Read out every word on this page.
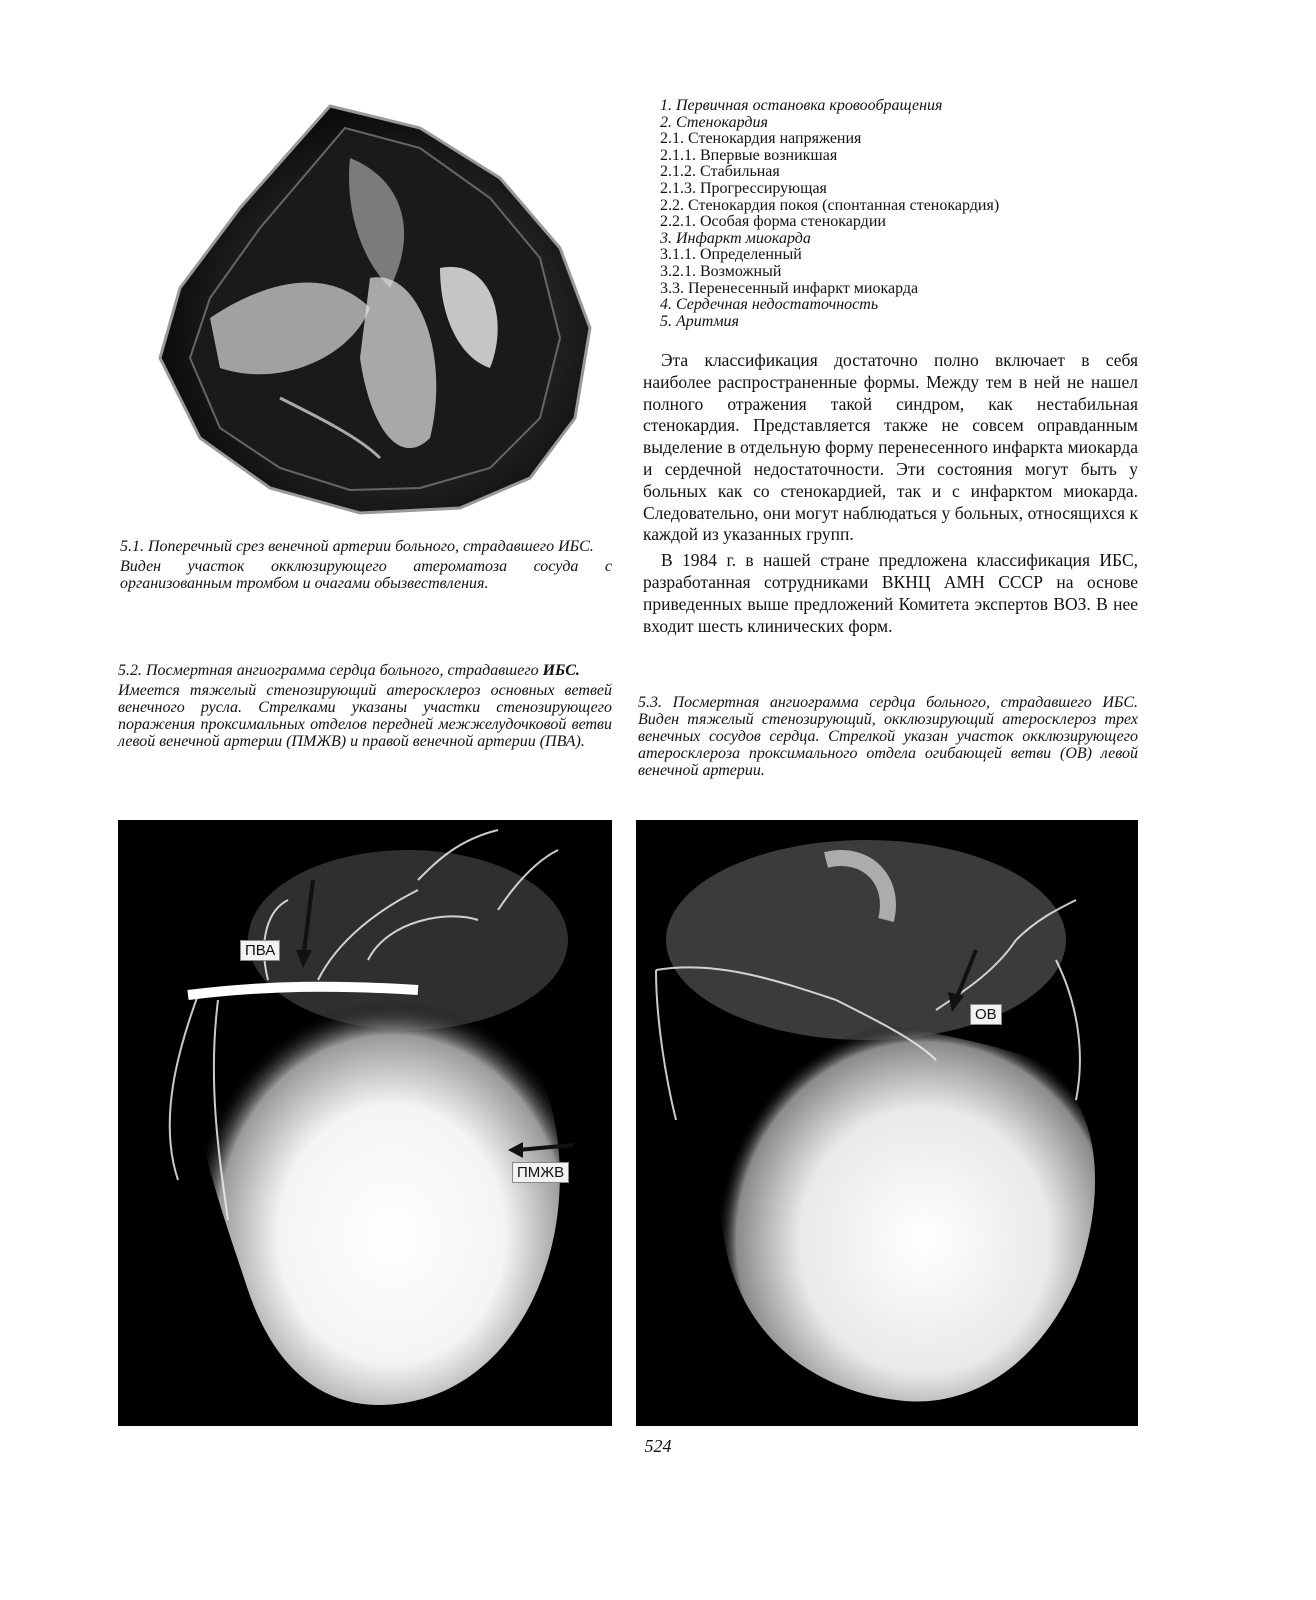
5.1. Поперечный срез венечной артерии больного, страдавшего ИБС.
Виден участок окклюзирующего атероматоза сосуда с организованным тромбом и очагами обызвествления.
5.2. Посмертная ангиограмма сердца больного, страдавшего ИБС.
Имеется тяжелый стенозирующий атеросклероз основных ветвей венечного русла. Стрелками указаны участки стенозирующего поражения проксимальных отделов передней межжелудочковой ветви левой венечной артерии (ПМЖВ) и правой венечной артерии (ПВА).
1. Первичная остановка кровообращения
2. Стенокардия
2.1. Стенокардия напряжения
2.1.1. Впервые возникшая
2.1.2. Стабильная
2.1.3. Прогрессирующая
2.2. Стенокардия покоя (спонтанная стенокардия)
2.2.1. Особая форма стенокардии
3. Инфаркт миокарда
3.1.1. Определенный
3.2.1. Возможный
3.3. Перенесенный инфаркт миокарда
4. Сердечная недостаточность
5. Аритмия

Эта классификация достаточно полно включает в себя наиболее распространенные формы. Между тем в ней не нашел полного отражения такой синдром, как нестабильная стенокардия. Представляется также не совсем оправданным выделение в отдельную форму перенесенного инфаркта миокарда и сердечной недостаточности. Эти состояния могут быть у больных как со стенокардией, так и с инфарктом миокарда. Следовательно, они могут наблюдаться у больных, относящихся к каждой из указанных групп.

В 1984 г. в нашей стране предложена классификация ИБС, разработанная сотрудниками ВКНЦ АМН СССР на основе приведенных выше предложений Комитета экспертов ВОЗ. В нее входит шесть клинических форм.

5.3. Посмертная ангиограмма сердца больного, страдавшего ИБС. Виден тяжелый стенозирующий, окклюзирующий атеросклероз трех венечных сосудов сердца. Стрелкой указан участок окклюзирующего атеросклероза проксимального отдела огибающей ветви (ОВ) левой венечной артерии.
ПВА
ПМЖВ
ОВ
524
